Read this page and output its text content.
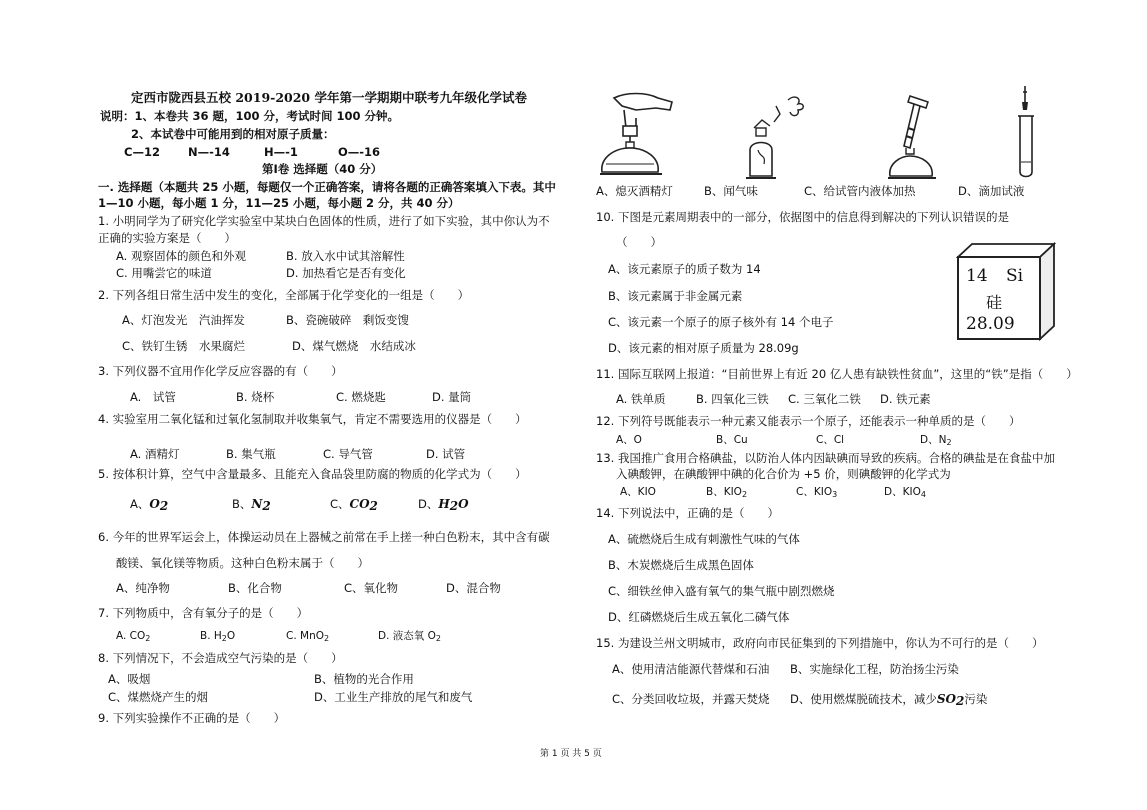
定西市陇西县五校 2019-2020 学年第一学期期中联考九年级化学试卷
说明：1、本卷共 36 题，100 分，考试时间 100 分钟。
2、本试卷中可能用到的相对原子质量：
C—12 N—-14	H—-1	O—-16
第Ⅰ卷 选择题（40 分）
一. 选择题（本题共 25 小题，每题仅一个正确答案，请将各题的正确答案填入下表。其中
1—10 小题，每小题 1 分，11—25 小题，每小题 2 分，共 40 分）
1. 小明同学为了研究化学实验室中某块白色固体的性质，进行了如下实验，其中你认为不
正确的实验方案是（　　）
A. 观察固体的颜色和外观	B. 放入水中试其溶解性
C. 用嘴尝它的味道	D. 加热看它是否有变化
2. 下列各组日常生活中发生的变化，全部属于化学变化的一组是（　　）
A、灯泡发光　汽油挥发	B、瓷碗破碎　剩饭变馊
C、铁钉生锈　水果腐烂	D、煤气燃烧　水结成冰
3. 下列仪器不宜用作化学反应容器的有（　　）
A.　试管	B. 烧杯	C. 燃烧匙	D. 量筒
4. 实验室用二氧化锰和过氧化氢制取并收集氧气，肯定不需要选用的仪器是（　　）
A. 酒精灯	B. 集气瓶	C. 导气管	D. 试管
5. 按体积计算，空气中含量最多、且能充入食品袋里防腐的物质的化学式为（　　）
A、$O_2$	B、$N_2$	C、$CO_2$	D、$H_2O$
6. 今年的世界军运会上，体操运动员在上器械之前常在手上搓一种白色粉末，其中含有碳
酸镁、氧化镁等物质。这种白色粉末属于（　　）
A、纯净物	B、化合物	C、氧化物	D、混合物
7. 下列物质中，含有氧分子的是（　　）
A. $CO_2$	B. $H_2O$	C. MnO$_2$	D. 液态氧 $O_2$
8. 下列情况下，不会造成空气污染的是（　　）
A、吸烟	B、植物的光合作用
C、煤燃烧产生的烟	D、工业生产排放的尾气和废气
9. 下列实验操作不正确的是（　　）
A、熄灭酒精灯	B、闻气味	C、给试管内液体加热	D、滴加试液
10. 下图是元素周期表中的一部分，依据图中的信息得到解决的下列认识错误的是
（　　）
A、该元素原子的质子数为 14
B、该元素属于非金属元素
C、该元素一个原子的原子核外有 14 个电子
D、该元素的相对原子质量为 28.09g
14 Si
硅
28.09
11. 国际互联网上报道：“目前世界上有近 20 亿人患有缺铁性贫血”，这里的“铁”是指（　　）
A. 铁单质	B. 四氧化三铁 C. 三氧化二铁 D. 铁元素
12. 下列符号既能表示一种元素又能表示一个原子，还能表示一种单质的是（　　）
A、O	B、Cu	C、Cl	D、$N_2$
13. 我国推广食用合格碘盐，以防治人体内因缺碘而导致的疾病。合格的碘盐是在食盐中加
入碘酸钾，在碘酸钾中碘的化合价为 +5 价，则碘酸钾的化学式为
A、KIO	B、$KIO_2$	C、$KIO_3$	D、$KIO_4$
14. 下列说法中，正确的是（　　）
A、硫燃烧后生成有刺激性气味的气体
B、木炭燃烧后生成黑色固体
C、细铁丝伸入盛有氧气的集气瓶中剧烈燃烧
D、红磷燃烧后生成五氧化二磷气体
15. 为建设兰州文明城市，政府向市民征集到的下列措施中，你认为不可行的是（　　）
A、使用清洁能源代替煤和石油 B、实施绿化工程，防治扬尘污染
C、分类回收垃圾，并露天焚烧 D、使用燃煤脱硫技术，减少$SO_2$污染
第 1 页 共 5 页
